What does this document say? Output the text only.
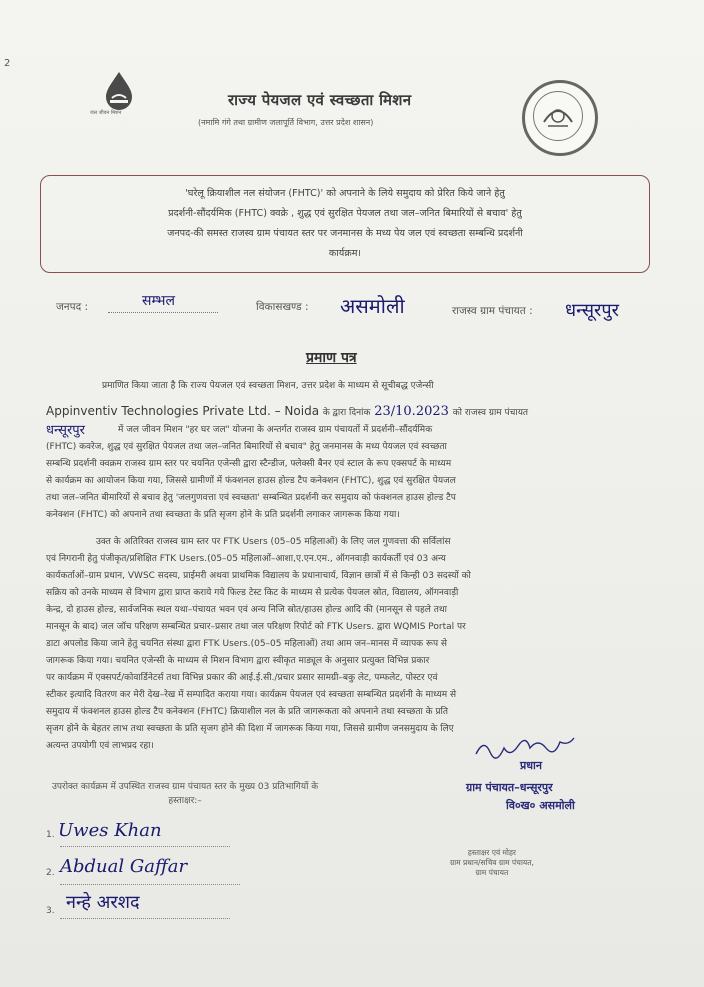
2
जल जीवन मिशन
राज्य पेयजल एवं स्वच्छता मिशन
(नमामि गंगे तथा ग्रामीण जलापूर्ति विभाग, उत्तर प्रदेश शासन)
'घरेलू क्रियाशील नल संयोजन (FHTC)' को अपनाने के लिये समुदाय को प्रेरित किये जाने हेतु
प्रदर्शनी-सौंदर्यमिक (FHTC) क्वक्रे , शुद्ध एवं सुरक्षित पेयजल तथा जल–जनित बिमारियों से बचाव' हेतु
जनपद-की समस्त राजस्व ग्राम पंचायत स्तर पर जनमानस के मध्य पेय जल एवं स्वच्छता सम्बन्धि प्रदर्शनी
कार्यक्रम।
जनपद :	सम्भल	विकासखण्ड : असमोली	राजस्व ग्राम पंचायत : धन्सूरपुर
प्रमाण पत्र
प्रमाणित किया जाता है कि राज्य पेयजल एवं स्वच्छता मिशन, उत्तर प्रदेश के माध्यम से सूचीबद्ध एजेन्सी
Appinventiv Technologies Private Ltd. – Noida के द्वारा दिनांक 23/10.2023 को राजस्व ग्राम पंचायत
धन्सूरपुर	में जल जीवन मिशन "हर घर जल" योजना के अन्तर्गत राजस्व ग्राम पंचायतों में प्रदर्शनी–सौंदर्यमिक
(FHTC) कवरेज, शुद्ध एवं सुरक्षित पेयजल तथा जल–जनित बिमारियों से बचाव" हेतु जनमानस के मध्य पेयजल एवं स्वच्छता
सम्बन्धि प्रदर्शनी क्वक्रम राजस्व ग्राम स्तर पर चयनित एजेन्सी द्वारा स्टैन्डीज, फ्लेक्सी बैनर एवं स्टाल के रूप एक्सपर्ट के माध्यम
से कार्यक्रम का आयोजन किया गया, जिससे ग्रामीणों में फंक्शनल हाउस होल्ड टैप कनेक्शन (FHTC), शुद्ध एवं सुरक्षित पेयजल
तथा जल–जनित बीमारियों से बचाव हेतु 'जलगुणवत्ता एवं स्वच्छता' सम्बन्धित प्रदर्शनी कर समुदाय को फंक्शनल हाउस होल्ड टैप
कनेक्शन (FHTC) को अपनाने तथा स्वच्छता के प्रति सृजग होने के प्रति प्रदर्शनी लगाकर जागरूक किया गया।
उक्त के अतिरिक्त राजस्व ग्राम स्तर पर FTK Users (05–05 महिलाओं) के लिए जल गुणवत्ता की सर्विलांस
एवं निगरानी हेतु पंजीकृत/प्रशिक्षित FTK Users.(05–05 महिलाओं–आशा,ए.एन.एम., ऑगनवाड़ी कार्यकर्ती एवं 03 अन्य
कार्यकर्ताओं–ग्राम प्रधान, VWSC सदस्य, प्राईमरी अथवा प्राथमिक विद्यालय के प्रधानाचार्य, विज्ञान छात्रों में से किन्ही 03 सदस्यों को
सक्रिय को उनके माध्यम से विभाग द्वारा प्राप्त कराये गये फिल्ड टेस्ट किट के माध्यम से प्रत्येक पेयजल स्रोत, विद्यालय, ऑगनवाड़ी
केन्द्र, दो हाउस होल्ड, सार्वजनिक स्थल यथा–पंचायत भवन एवं अन्य निजि स्रोत/हाउस होल्ड आदि की (मानसून से पहले तथा
मानसून के बाद) जल जॉच परिक्षण सम्बन्धित प्रचार–प्रसार तथा जल परिक्षण रिपोर्ट को FTK Users. द्वारा WQMIS Portal पर
डाटा अपलोड किया जाने हेतु चयनित संस्था द्वारा FTK Users.(05–05 महिलाओं) तथा आम जन–मानस में व्यापक रूप से
जागरूक किया गया। चयनित एजेन्सी के माध्यम से मिशन विभाग द्वारा स्वीकृत माड्यूल के अनुसार प्रत्युक्त विभिन्न प्रकार
पर कार्यक्रम में एक्सपर्ट/कोवार्डिनेटर्स तथा विभिन्न प्रकार की आई.ई.सी./प्रचार प्रसार सामग्री–बकु लेट, पम्फलेट, पोस्टर एवं
स्टीकर इत्यादि वितरण कर मेरी देख–रेख में सम्पादित कराया गया। कार्यक्रम पेयजल एवं स्वच्छता सम्बन्धित प्रदर्शनी के माध्यम से
समुदाय में फंक्शनल हाउस होल्ड टैप कनेक्शन (FHTC) क्रियाशील नल के प्रति जागरूकता को अपनाने तथा स्वच्छता के प्रति
सृजग होने के बेहतर लाभ तथा स्वच्छता के प्रति सृजग होने की दिशा में जागरूक किया गया, जिससे ग्रामीण जनसमुदाय के लिए
अत्यन्त उपयोगी एवं लाभप्रद रहा।
उपरोक्त कार्यक्रम में उपस्थित राजस्व ग्राम पंचायत स्तर के मुख्य 03 प्रतिभागियों के
हस्ताक्षर:–
1. Uwes Khan
2. Abdual Gaffar
3. नन्हे अरशद
प्रधान
ग्राम पंचायत–धन्सूरपुर
वि०ख० असमोली
हस्ताक्षर एवं मोहर
ग्राम प्रधान/सचिव ग्राम पंचायत,
ग्राम पंचायत
